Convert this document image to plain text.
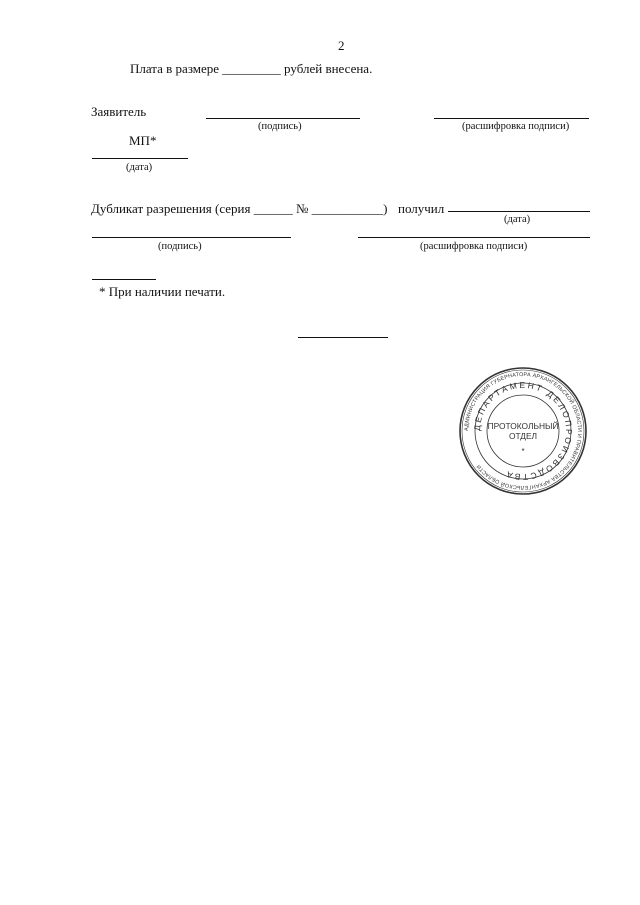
2
Плата в размере _________ рублей внесена.
Заявитель
(подпись)	(расшифровка подписи)
МП*
(дата)
Дубликат разрешения (серия ______ № ___________) получил
(дата)
(подпись)	(расшифровка подписи)
* При наличии печати.
АДМИНИСТРАЦИЯ ГУБЕРНАТОРА АРХАНГЕЛЬСКОЙ ОБЛАСТИ И ПРАВИТЕЛЬСТВА АРХАНГЕЛЬСКОЙ ОБЛАСТИ
ДЕПАРТАМЕНТ ДЕЛОПРОИЗВОДСТВА
ПРОТОКОЛЬНЫЙ
ОТДЕЛ
*
